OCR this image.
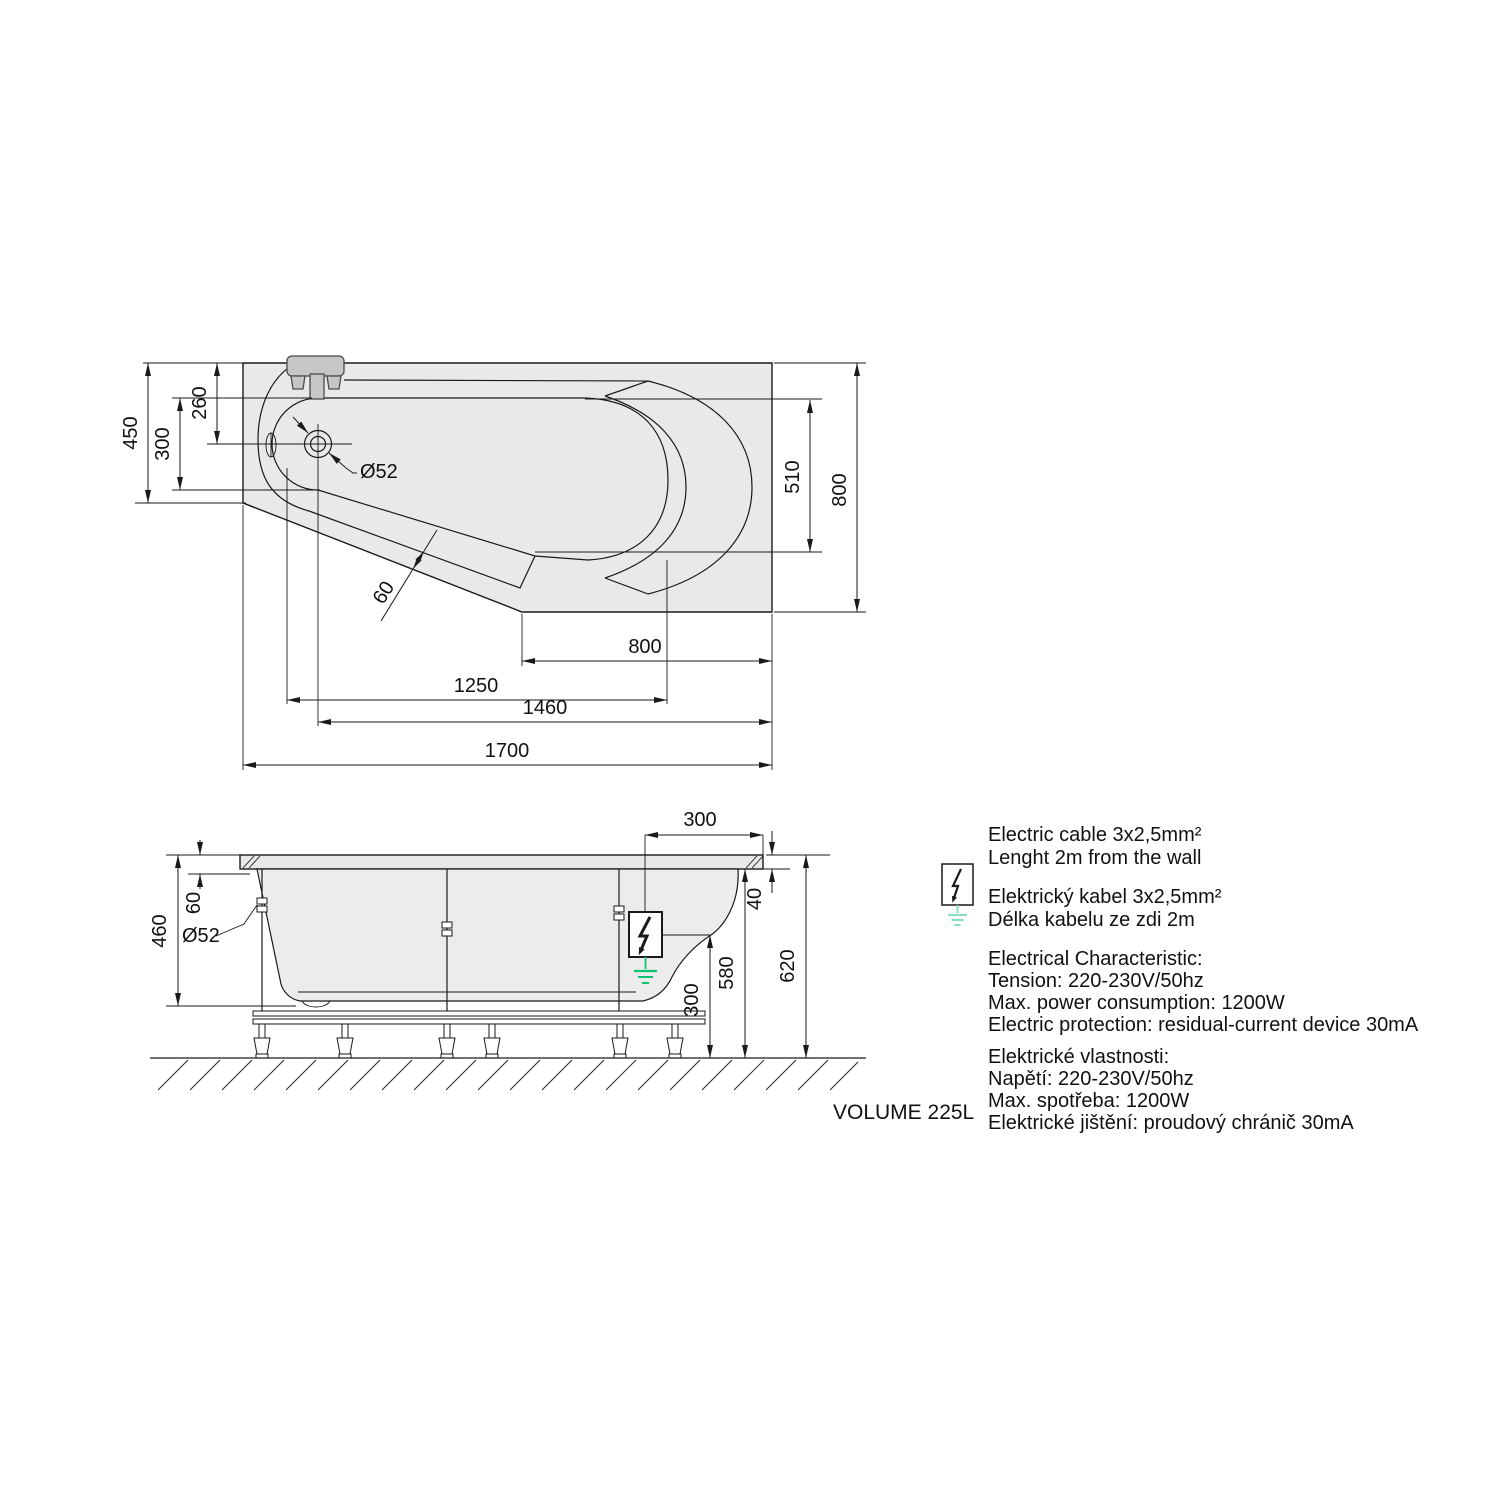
Ø52
450 300
260
60
510 800
800
1250
1460
1700
460
60
Ø52
300
40
580 620
300
VOLUME 225L
Electric cable 3x2,5mm²
Lenght 2m from the wall
Elektrický kabel 3x2,5mm²
Délka kabelu ze zdi 2m
Electrical Characteristic:
Tension: 220-230V/50hz
Max. power consumption: 1200W
Electric protection: residual-current device 30mA
Elektrické vlastnosti:
Napětí: 220-230V/50hz
Max. spotřeba: 1200W
Elektrické jištění: proudový chránič 30mA
